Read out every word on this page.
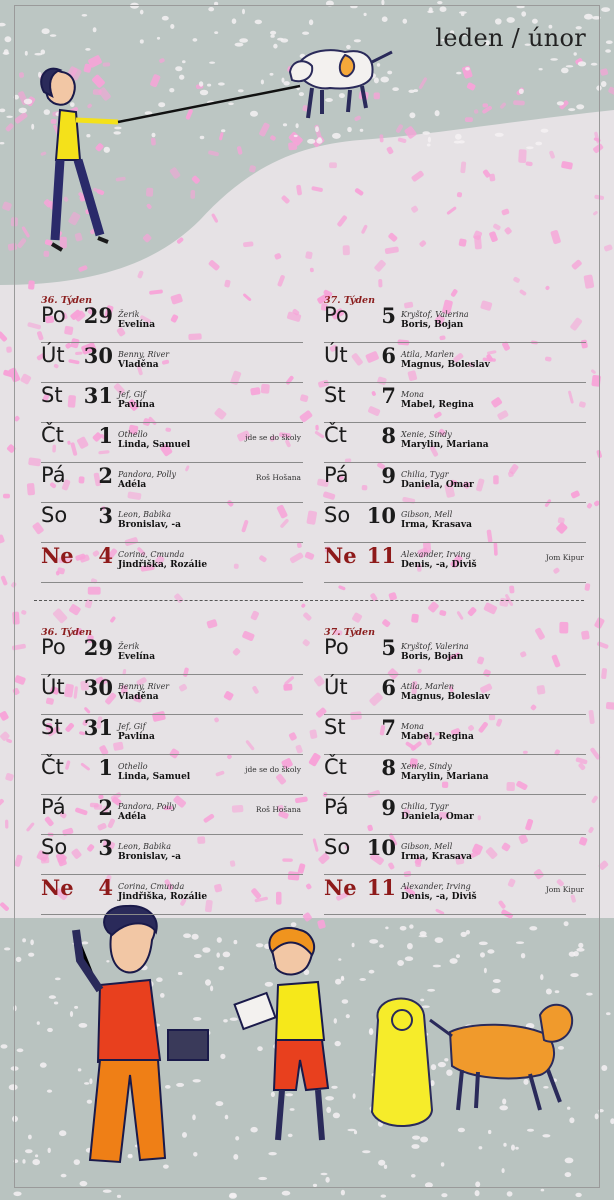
leden / únor
36. Týden
Po 29 Žerik
Evelína
Út 30 Benny, River
Vladěna
St	31 Jef, Gif
Pavlína
Čt	1 Othello
Linda, Samuel
jde se do školy
Pá	2 Pandora, Polly
Adéla
Roš Hošana
So	3 Leon, Babika
Bronislav, -a
Ne	4 Corina, Cmunda
Jindřiška, Rozálie
37. Týden
Po	5 Kryštof, Valerina
Boris, Bojan
Út	6 Atila, Marlen
Magnus, Boleslav
St	7 Mona
Mabel, Regina
Čt	8 Xenie, Sindy
Marylin, Mariana
Pá	9 Chilia, Tygr
Daniela, Omar
So 10 Gibson, Mell
Irma, Krasava
Ne 11 Alexander, Irving
Denis, -a, Diviš
Jom Kipur
36. Týden
Po 29 Žerik
Evelína
Út 30 Benny, River
Vladěna
St	31 Jef, Gif
Pavlína
Čt	1 Othello
Linda, Samuel
jde se do školy
Pá	2 Pandora, Polly
Adéla
Roš Hošana
So	3 Leon, Babika
Bronislav, -a
Ne	4 Corina, Cmunda
Jindřiška, Rozálie
37. Týden
Po	5 Kryštof, Valerina
Boris, Bojan
Út	6 Atila, Marlen
Magnus, Boleslav
St	7 Mona
Mabel, Regina
Čt	8 Xenie, Sindy
Marylin, Mariana
Pá	9 Chilia, Tygr
Daniela, Omar
So 10 Gibson, Mell
Irma, Krasava
Ne 11 Alexander, Irving
Denis, -a, Diviš
Jom Kipur
